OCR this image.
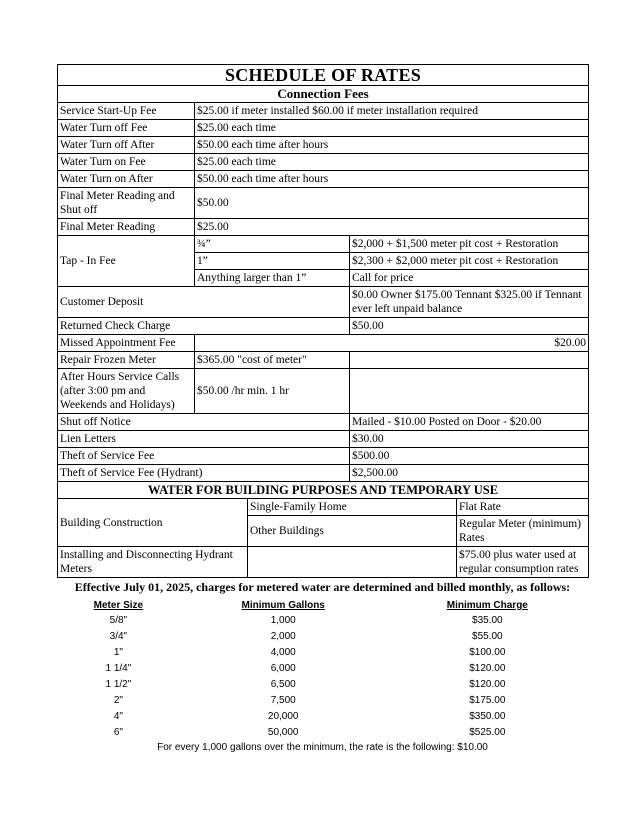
SCHEDULE OF RATES				
Connection Fees				
Service Start-Up Fee	$25.00 if meter installed $60.00 if meter installation required			
Water Turn off Fee	$25.00 each time			
Water Turn off After	$50.00 each time after hours			
Water Turn on Fee	$25.00 each time			
Water Turn on After	$50.00 each time after hours			
Final Meter Reading and Shut off	$50.00			
Final Meter Reading	$25.00			
Tap - In Fee	¾”		$2,000 + $1,500 meter pit cost + Restoration	
	1”		$2,300 + $2,000 meter pit cost + Restoration	
	Anything larger than 1”		Call for price	
Customer Deposit			$0.00 Owner $175.00 Tennant $325.00 if Tennant ever left unpaid balance	
Returned Check Charge			$50.00	
Missed Appointment Fee	$20.00			
Repair Frozen Meter	$365.00 "cost of meter"			
After Hours Service Calls (after 3:00 pm and Weekends and Holidays)	$50.00 /hr min. 1 hr			
Shut off Notice			Mailed - $10.00 Posted on Door - $20.00	
Lien Letters			$30.00	
Theft of Service Fee			$500.00	
Theft of Service Fee (Hydrant)			$2,500.00	
WATER FOR BUILDING PURPOSES AND TEMPORARY USE				
Building Construction		Single-Family Home		Flat Rate
		Other Buildings		Regular Meter (minimum) Rates
Installing and Disconnecting Hydrant Meters				$75.00 plus water used at regular consumption rates
Effective July 01, 2025, charges for metered water are determined and billed monthly, as follows:
Meter Size	Minimum Gallons	Minimum Charge
5/8"	1,000	$35.00
3/4"	2,000	$55.00
1"	4,000	$100.00
1 1/4"	6,000	$120.00
1 1/2"	6,500	$120.00
2"	7,500	$175.00
4"	20,000	$350.00
6"	50,000	$525.00
For every 1,000 gallons over the minimum, the rate is the following: $10.00
